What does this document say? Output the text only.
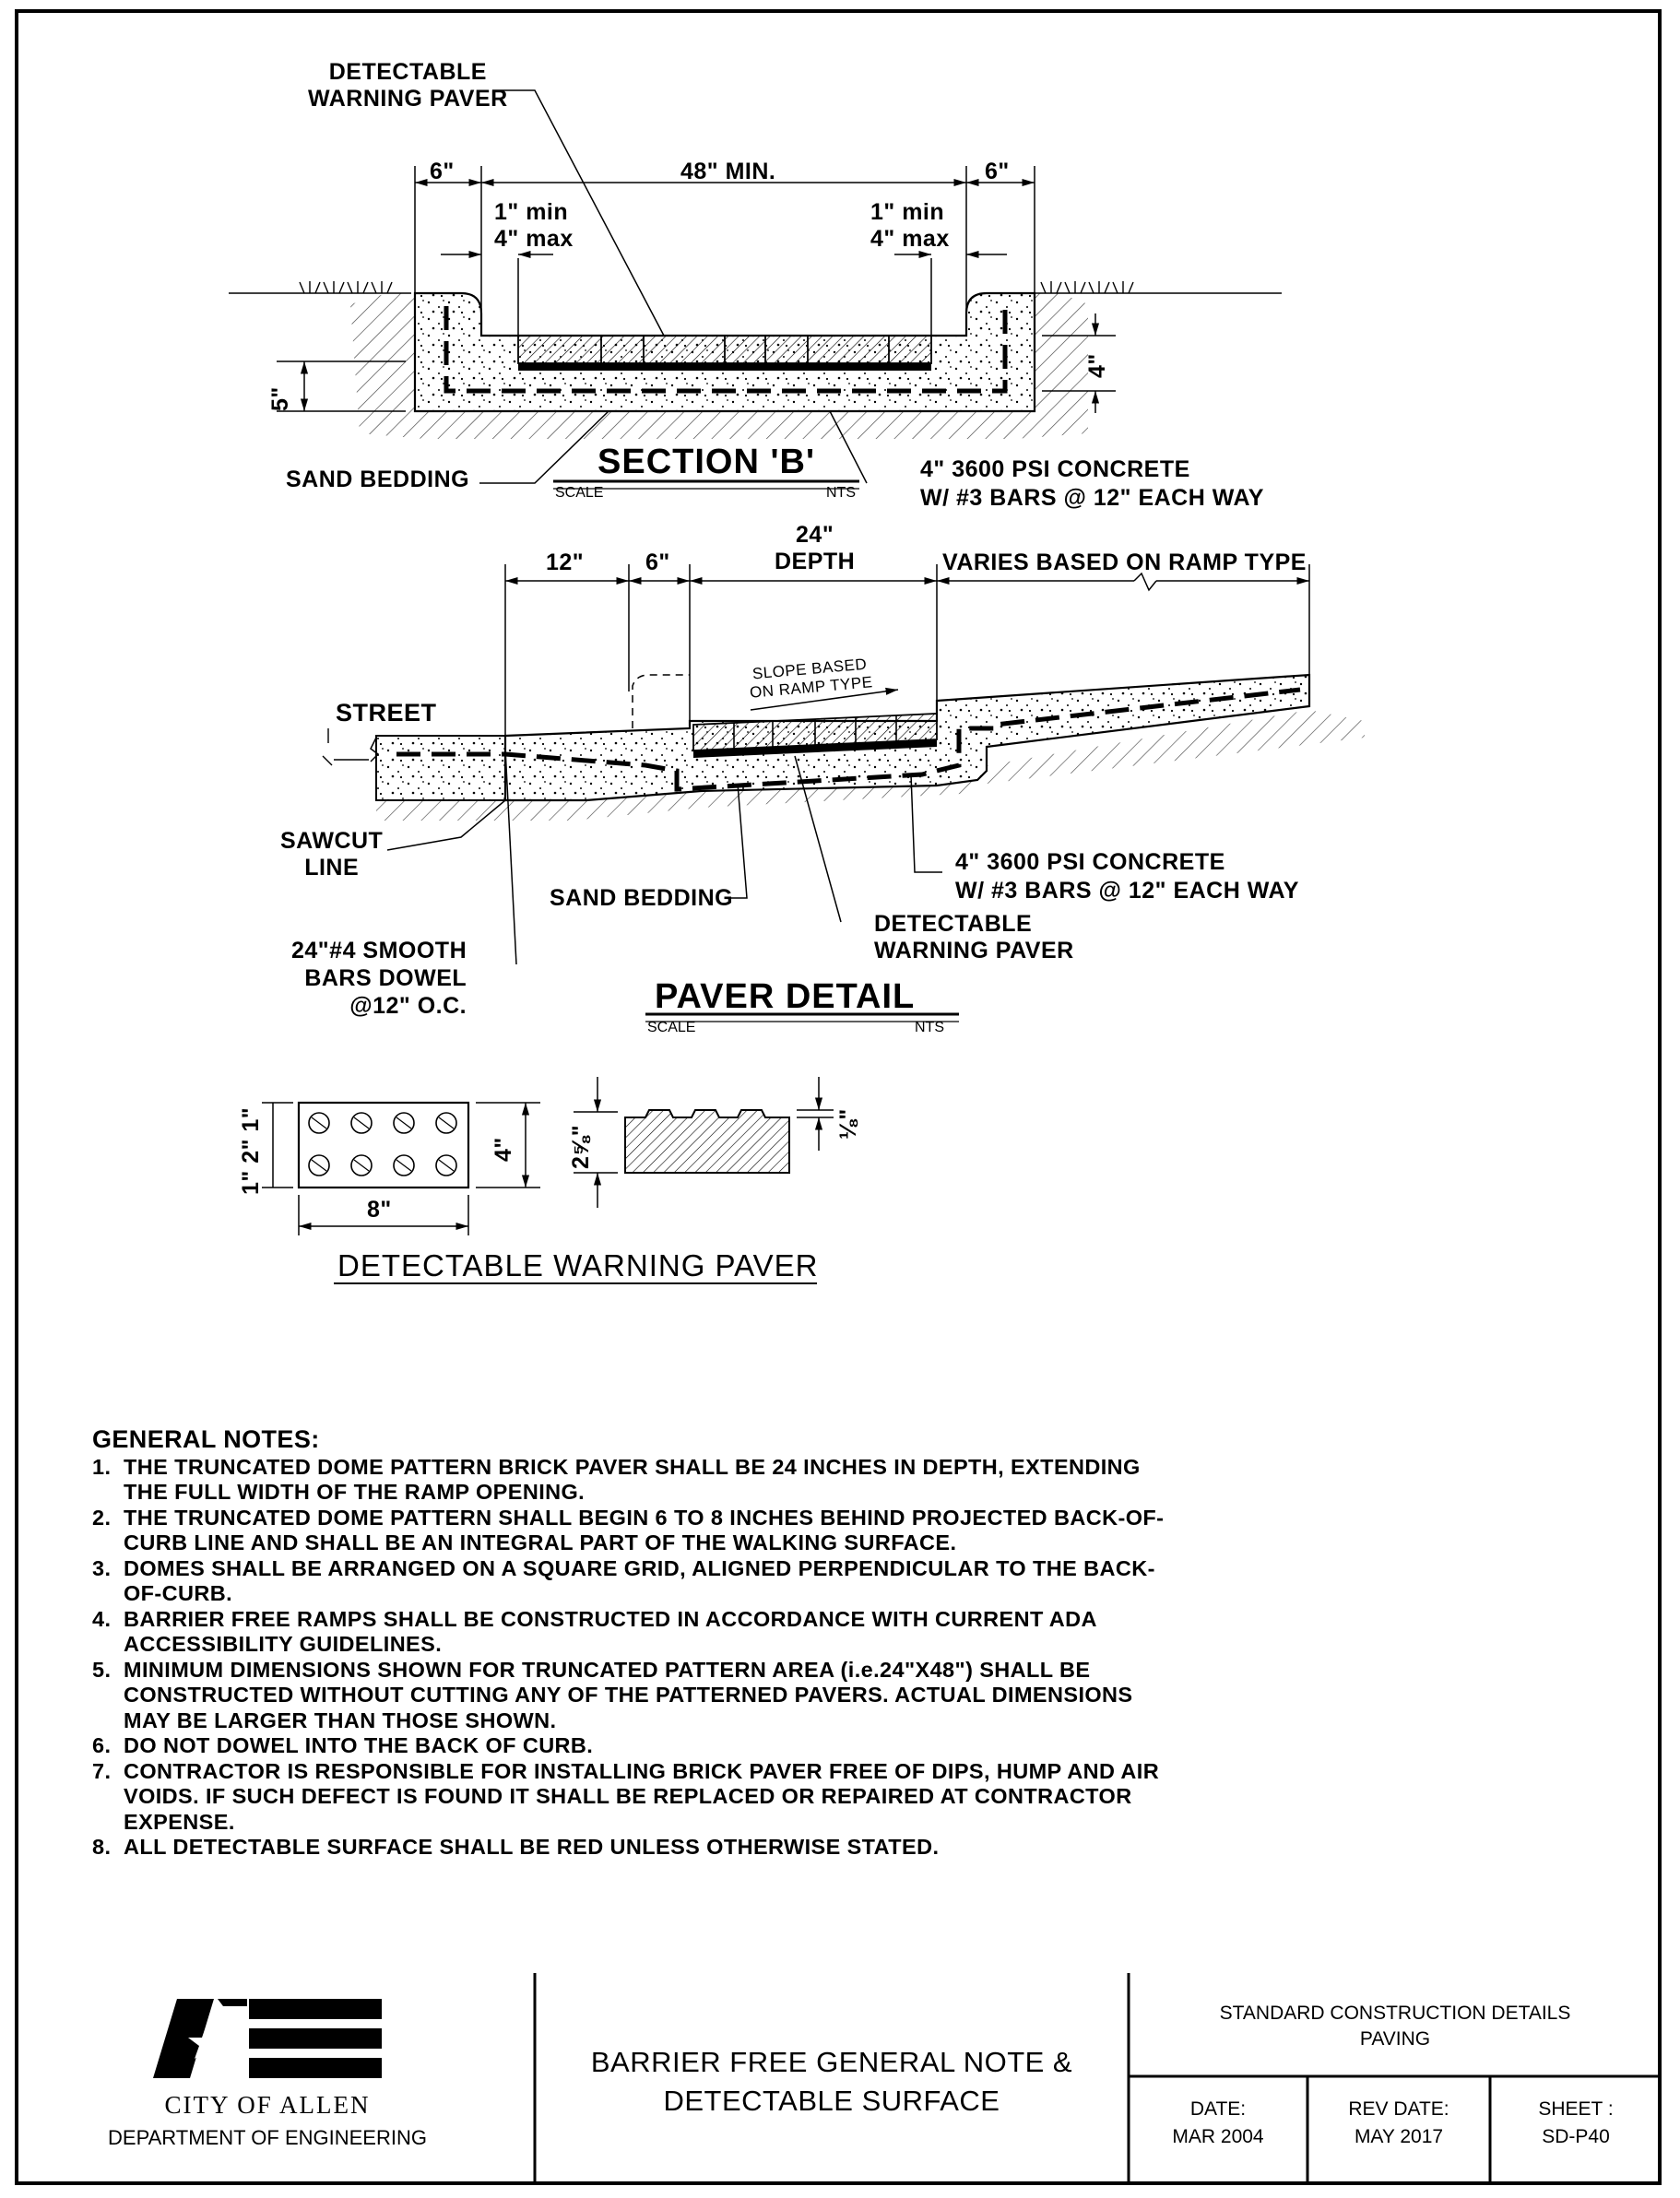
DETECTABLE
WARNING PAVER
6"	48" MIN.	6"
1" min
4" max
1" min
4" max
5"
4"
SAND BEDDING	SECTION 'B'
SCALE	NTS
4" 3600 PSI CONCRETE
W/ #3 BARS @ 12" EACH WAY
12"	6"
24"
DEPTH	VARIES BASED ON RAMP TYPE
SLOPE BASED
ON RAMP TYPE
STREET
SAWCUT
LINE
SAND BEDDING
4" 3600 PSI CONCRETE
W/ #3 BARS @ 12" EACH WAY
DETECTABLE
WARNING PAVER
24"#4 SMOOTH
BARS DOWEL
@12" O.C.	PAVER DETAIL
SCALE	NTS
8"
4"
1" 2" 1"	2⅝"
⅛"
DETECTABLE WARNING PAVER
GENERAL NOTES:
1. THE TRUNCATED DOME PATTERN BRICK PAVER SHALL BE 24 INCHES IN DEPTH, EXTENDING THE FULL WIDTH OF THE RAMP OPENING.
2. THE TRUNCATED DOME PATTERN SHALL BEGIN 6 TO 8 INCHES BEHIND PROJECTED BACK-OF-CURB LINE AND SHALL BE AN INTEGRAL PART OF THE WALKING SURFACE.
3. DOMES SHALL BE ARRANGED ON A SQUARE GRID, ALIGNED PERPENDICULAR TO THE BACK-OF-CURB.
4. BARRIER FREE RAMPS SHALL BE CONSTRUCTED IN ACCORDANCE WITH CURRENT ADA ACCESSIBILITY GUIDELINES.
5. MINIMUM DIMENSIONS SHOWN FOR TRUNCATED PATTERN AREA (i.e.24"X48") SHALL BE CONSTRUCTED WITHOUT CUTTING ANY OF THE PATTERNED PAVERS. ACTUAL DIMENSIONS MAY BE LARGER THAN THOSE SHOWN.
6. DO NOT DOWEL INTO THE BACK OF CURB.
7. CONTRACTOR IS RESPONSIBLE FOR INSTALLING BRICK PAVER FREE OF DIPS, HUMP AND AIR VOIDS. IF SUCH DEFECT IS FOUND IT SHALL BE REPLACED OR REPAIRED AT CONTRACTOR EXPENSE.
8. ALL DETECTABLE SURFACE SHALL BE RED UNLESS OTHERWISE STATED.
CITY OF ALLEN
DEPARTMENT OF ENGINEERING
BARRIER FREE GENERAL NOTE &
DETECTABLE SURFACE
STANDARD CONSTRUCTION DETAILS
PAVING
DATE:
MAR 2004
REV DATE:
MAY 2017
SHEET :
SD-P40
